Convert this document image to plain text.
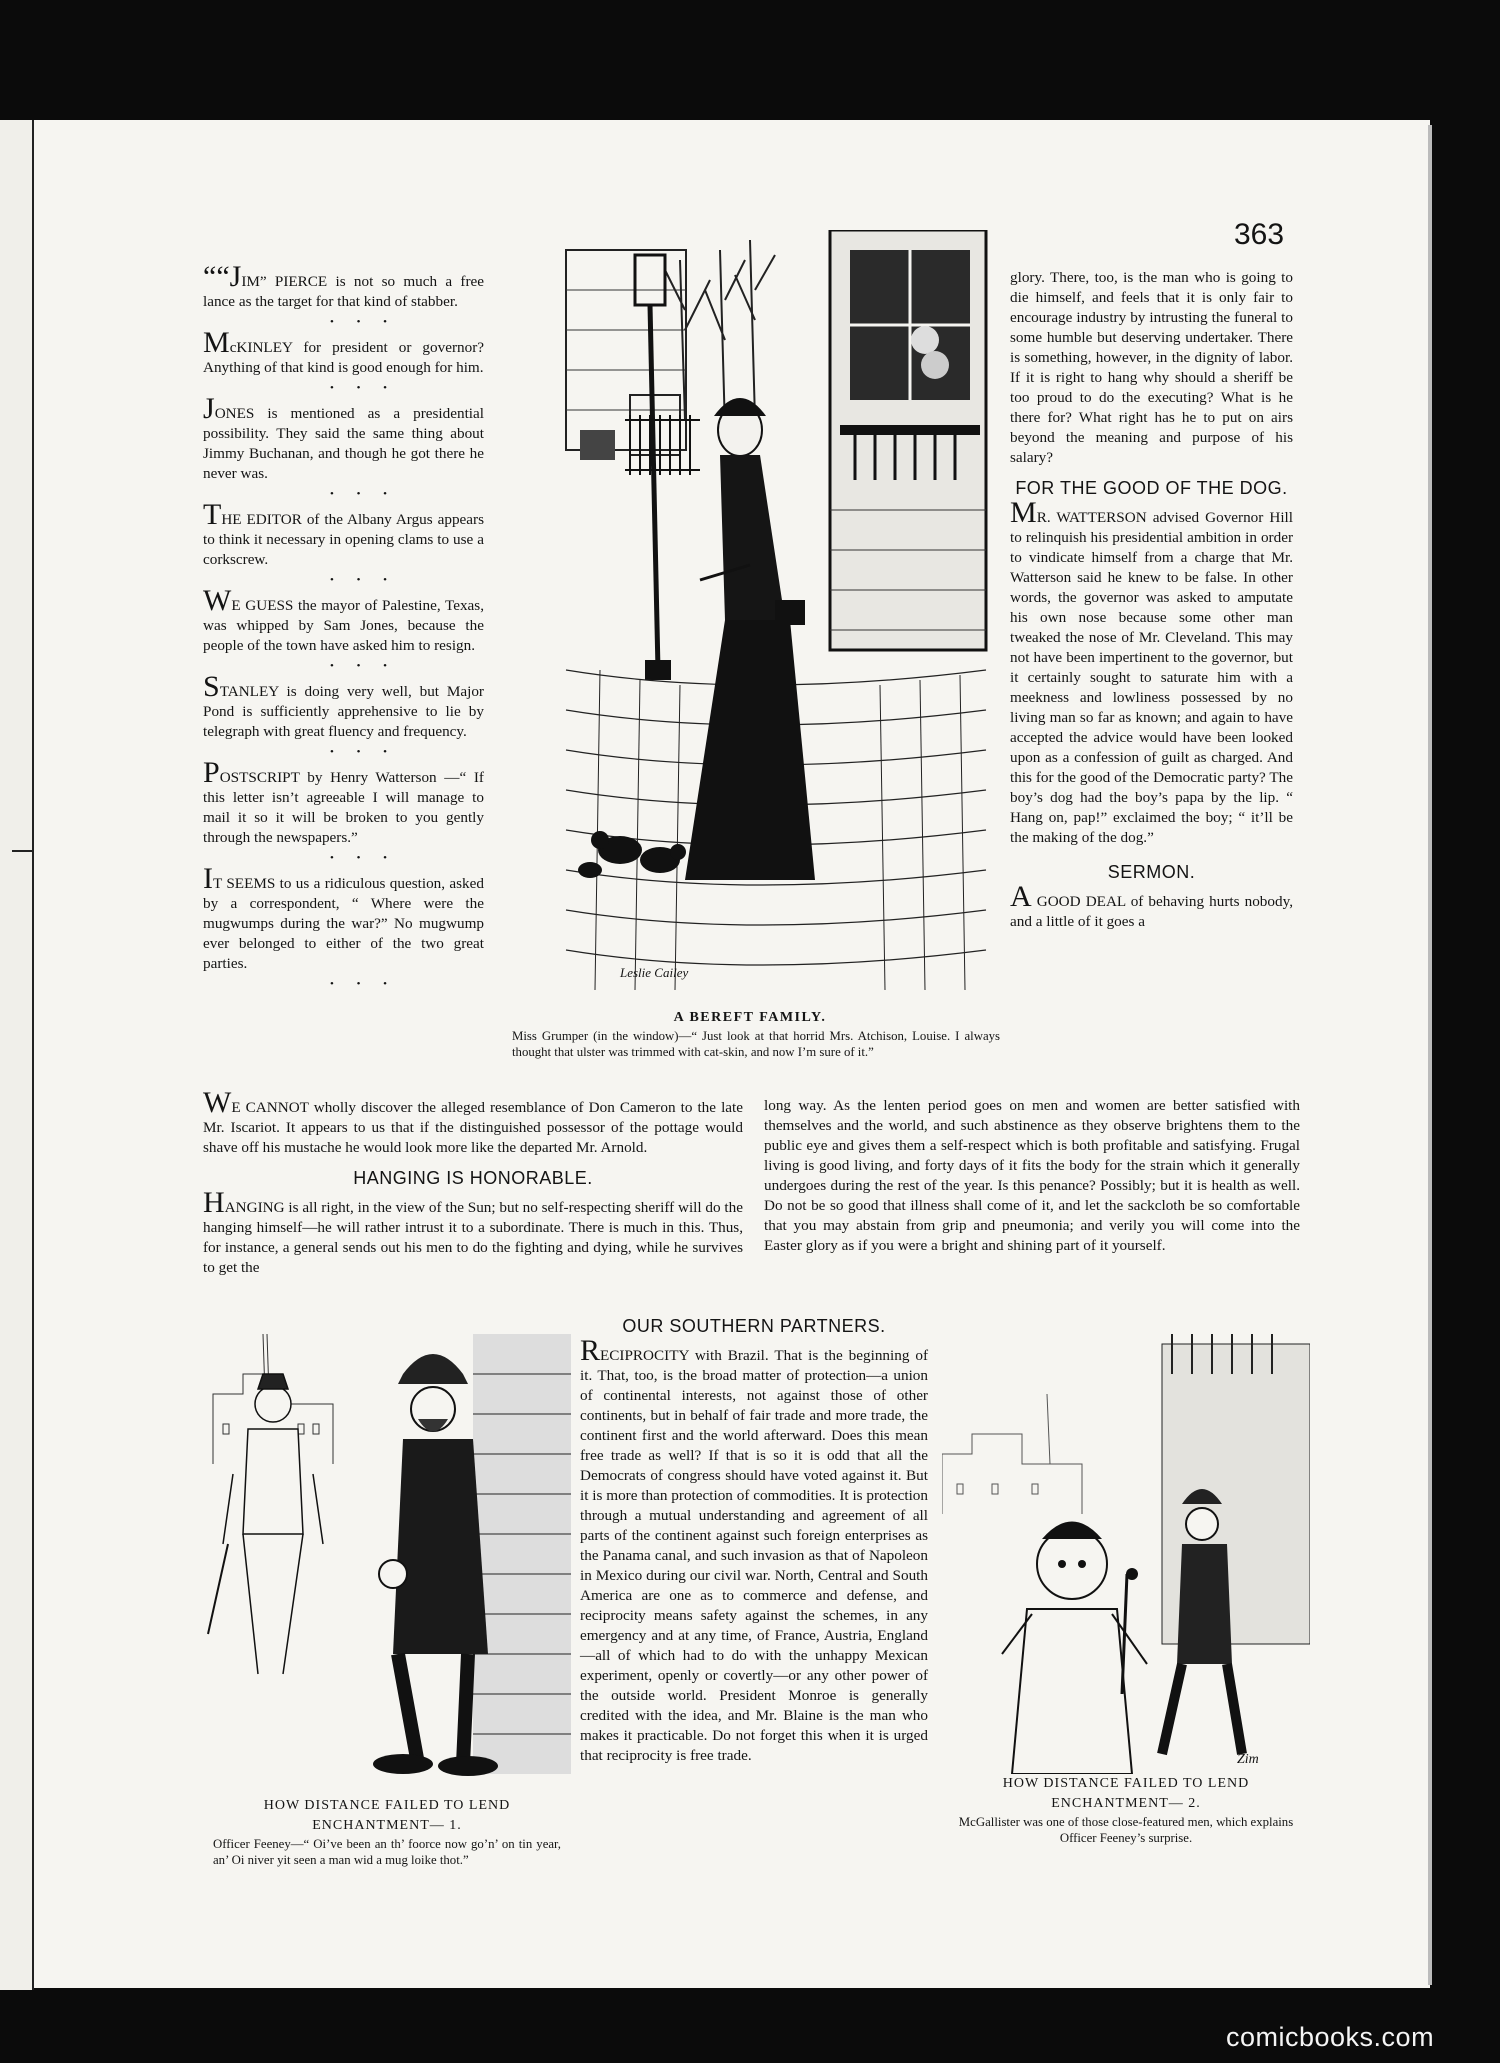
363

““JIM” PIERCE is not so much a free lance as the target for that kind of stabber.

• • •

McKINLEY for president or governor? Anything of that kind is good enough for him.

• • •

JONES is mentioned as a presidential possibility. They said the same thing about Jimmy Buchanan, and though he got there he never was.

• • •

THE EDITOR of the Albany Argus appears to think it necessary in opening clams to use a corkscrew.

• • •

WE GUESS the mayor of Palestine, Texas, was whipped by Sam Jones, because the people of the town have asked him to resign.

• • •

STANLEY is doing very well, but Major Pond is sufficiently apprehensive to lie by telegraph with great fluency and frequency.

• • •

POSTSCRIPT by Henry Watterson —“ If this letter isn’t agreeable I will manage to mail it so it will be broken to you gently through the newspapers.”

• • •

IT SEEMS to us a ridiculous question, asked by a correspondent, “ Where were the mugwumps during the war?” No mugwump ever belonged to either of the two great parties.

• • •
Leslie Cailey
A BEREFT FAMILY.
Miss Grumper (in the window)—“ Just look at that horrid Mrs. Atchison, Louise. I always thought that ulster was trimmed with cat-skin, and now I’m sure of it.”

glory. There, too, is the man who is going to die himself, and feels that it is only fair to encourage industry by intrusting the funeral to some humble but deserving undertaker. There is something, however, in the dignity of labor. If it is right to hang why should a sheriff be too proud to do the executing? What is he there for? What right has he to put on airs beyond the meaning and purpose of his salary?

FOR THE GOOD OF THE DOG.

MR. WATTERSON advised Governor Hill to relinquish his presidential ambition in order to vindicate himself from a charge that Mr. Watterson said he knew to be false. In other words, the governor was asked to amputate his own nose because some other man tweaked the nose of Mr. Cleveland. This may not have been impertinent to the governor, but it certainly sought to saturate him with a meekness and lowliness possessed by no living man so far as known; and again to have accepted the advice would have been looked upon as a confession of guilt as charged. And this for the good of the Democratic party? The boy’s dog had the boy’s papa by the lip. “ Hang on, pap!” exclaimed the boy; “ it’ll be the making of the dog.”

SERMON.

A GOOD DEAL of behaving hurts nobody, and a little of it goes a

WE CANNOT wholly discover the alleged resemblance of Don Cameron to the late Mr. Iscariot. It appears to us that if the distinguished possessor of the pottage would shave off his mustache he would look more like the departed Mr. Arnold.

HANGING IS HONORABLE.

HANGING is all right, in the view of the Sun; but no self-respecting sheriff will do the hanging himself—he will rather intrust it to a subordinate. There is much in this. Thus, for instance, a general sends out his men to do the fighting and dying, while he survives to get the

long way. As the lenten period goes on men and women are better satisfied with themselves and the world, and such abstinence as they observe brightens them to the public eye and gives them a self-respect which is both profitable and satisfying. Frugal living is good living, and forty days of it fits the body for the strain which it generally undergoes during the rest of the year. Is this penance? Possibly; but it is health as well. Do not be so good that illness shall come of it, and let the sackcloth be so comfortable that you may abstain from grip and pneumonia; and verily you will come into the Easter glory as if you were a bright and shining part of it yourself.

HOW DISTANCE FAILED TO LEND ENCHANTMENT— 1.
Officer Feeney—“ Oi’ve been an th’ foorce now go’n’ on tin year, an’ Oi niver yit seen a man wid a mug loike thot.”
OUR SOUTHERN PARTNERS.

RECIPROCITY with Brazil. That is the beginning of it. That, too, is the broad matter of protection—a union of continental interests, not against those of other continents, but in behalf of fair trade and more trade, the continent first and the world afterward. Does this mean free trade as well? If that is so it is odd that all the Democrats of congress should have voted against it. But it is more than protection of commodities. It is protection through a mutual understanding and agreement of all parts of the continent against such foreign enterprises as the Panama canal, and such invasion as that of Napoleon in Mexico during our civil war. North, Central and South America are one as to commerce and defense, and reciprocity means safety against the schemes, in any emergency and at any time, of France, Austria, England—all of which had to do with the unhappy Mexican experiment, openly or covertly—or any other power of the outside world. President Monroe is generally credited with the idea, and Mr. Blaine is the man who makes it practicable. Do not forget this when it is urged that reciprocity is free trade.	Zim
HOW DISTANCE FAILED TO LEND ENCHANTMENT— 2.
McGallister was one of those close-featured men, which explains Officer Feeney’s surprise.
comicbooks.com
